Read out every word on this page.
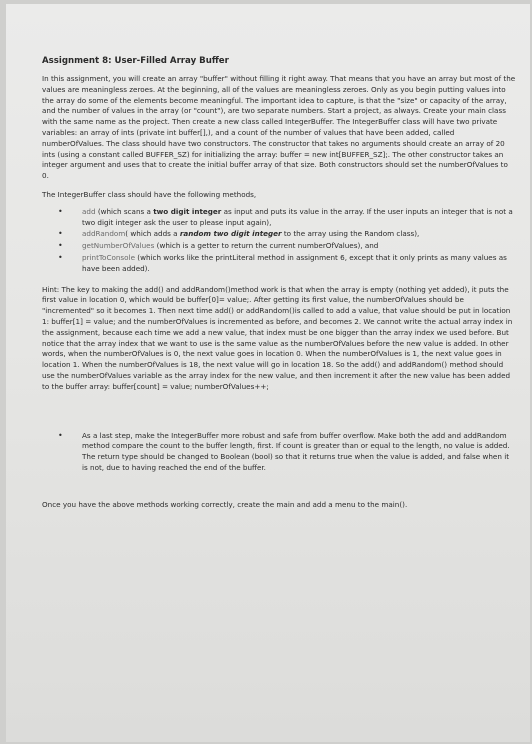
Assignment 8: User-Filled Array Buffer

In this assignment, you will create an array "buffer" without filling it right away. That means that you have an array but most of the values are meaningless zeroes. At the beginning, all of the values are meaningless zeroes. Only as you begin putting values into the array do some of the elements become meaningful. The important idea to capture, is that the "size" or capacity of the array, and the number of values in the array (or "count"), are two separate numbers. Start a project, as always. Create your main class with the same name as the project. Then create a new class called IntegerBuffer. The IntegerBuffer class will have two private variables: an array of ints (private int buffer[],), and a count of the number of values that have been added, called numberOfValues. The class should have two constructors. The constructor that takes no arguments should create an array of 20 ints (using a constant called BUFFER_SZ) for initializing the array: buffer = new int[BUFFER_SZ];. The other constructor takes an integer argument and uses that to create the initial buffer array of that size. Both constructors should set the numberOfValues to 0.

The IntegerBuffer class should have the following methods,

•	add (which scans a two digit integer as input and puts its value in the array. If the user inputs an integer that is not a two digit integer ask the user to please input again),
•	addRandom( which adds a random two digit integer to the array using the Random class),
•	getNumberOfValues (which is a getter to return the current numberOfValues), and
•	printToConsole (which works like the printLiteral method in assignment 6, except that it only prints as many values as have been added).

Hint: The key to making the add() and addRandom()method work is that when the array is empty (nothing yet added), it puts the first value in location 0, which would be buffer[0]= value;. After getting its first value, the numberOfValues should be "incremented" so it becomes 1. Then next time add() or addRandom()is called to add a value, that value should be put in location 1: buffer[1] = value; and the numberOfValues is incremented as before, and becomes 2. We cannot write the actual array index in the assignment, because each time we add a new value, that index must be one bigger than the array index we used before. But notice that the array index that we want to use is the same value as the numberOfValues before the new value is added. In other words, when the numberOfValues is 0, the next value goes in location 0. When the numberOfValues is 1, the next value goes in location 1. When the numberOfValues is 18, the next value will go in location 18. So the add() and addRandom() method should use the numberOfValues variable as the array index for the new value, and then increment it after the new value has been added to the buffer array: buffer[count] = value; numberOfValues++;

•	As a last step, make the IntegerBuffer more robust and safe from buffer overflow. Make both the add and addRandom method compare the count to the buffer length, first. If count is greater than or equal to the length, no value is added. The return type should be changed to Boolean (bool) so that it returns true when the value is added, and false when it is not, due to having reached the end of the buffer.

Once you have the above methods working correctly, create the main and add a menu to the main().
